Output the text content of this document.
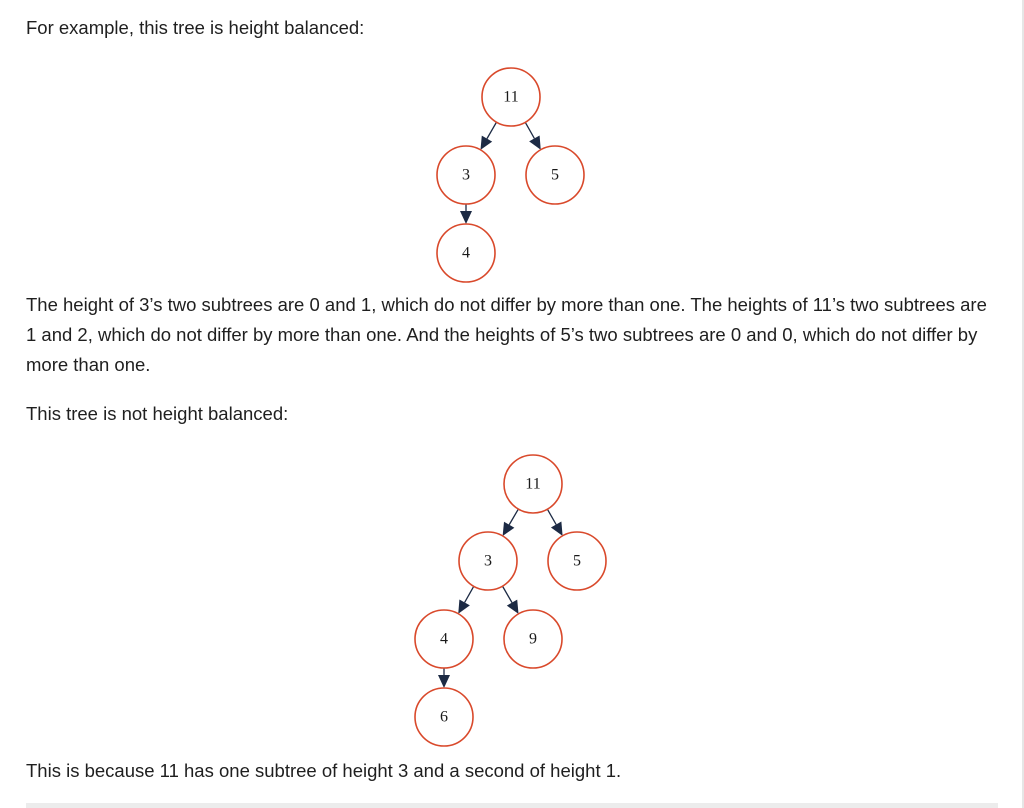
For example, this tree is height balanced:

11
3	5
4

The height of 3’s two subtrees are 0 and 1, which do not differ by more than one. The heights of 11’s two subtrees are 1 and 2, which do not differ by more than one. And the heights of 5’s two subtrees are 0 and 0, which do not differ by more than one.

This tree is not height balanced:

11
3	5
4	9
6

This is because 11 has one subtree of height 3 and a second of height 1.
